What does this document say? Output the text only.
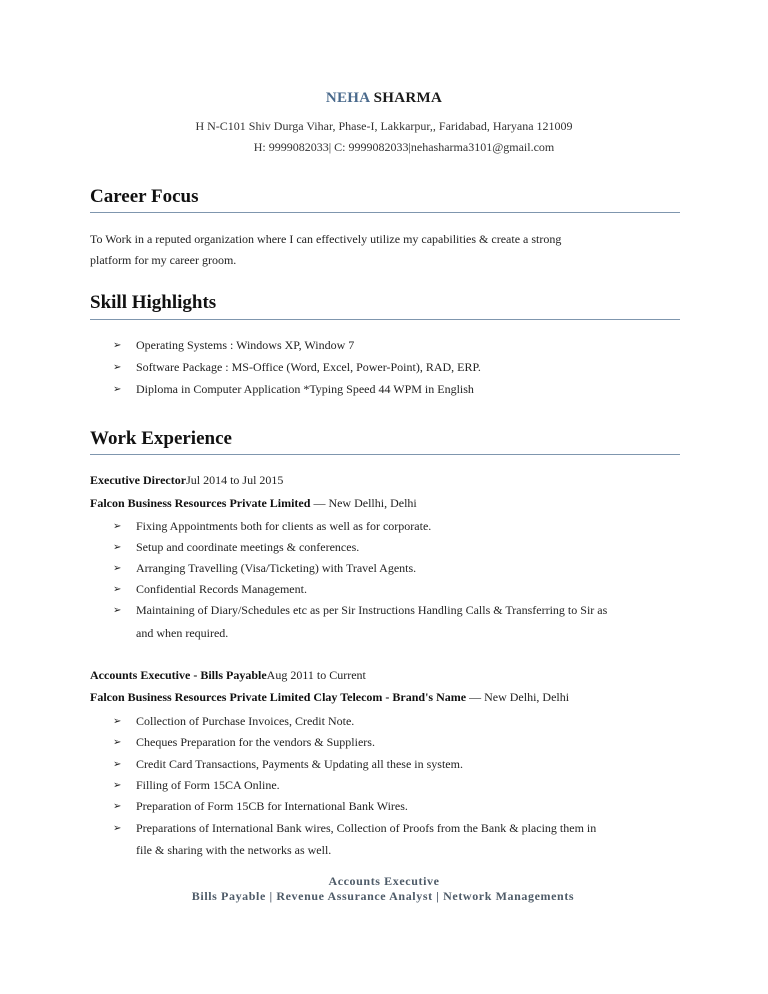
NEHA SHARMA
H N-C101 Shiv Durga Vihar, Phase-I, Lakkarpur,, Faridabad, Haryana 121009
H: 9999082033| C: 9999082033|nehasharma3101@gmail.com
Career Focus
To Work in a reputed organization where I can effectively utilize my capabilities & create a strong
platform for my career groom.
Skill Highlights
➢ Operating Systems : Windows XP, Window 7
➢ Software Package : MS-Office (Word, Excel, Power-Point), RAD, ERP.
➢ Diploma in Computer Application *Typing Speed 44 WPM in English
Work Experience
Executive DirectorJul 2014 to Jul 2015
Falcon Business Resources Private Limited — New Dellhi, Delhi
➢ Fixing Appointments both for clients as well as for corporate.
➢ Setup and coordinate meetings & conferences.
➢ Arranging Travelling (Visa/Ticketing) with Travel Agents.
➢ Confidential Records Management.
➢ Maintaining of Diary/Schedules etc as per Sir Instructions Handling Calls & Transferring to Sir as
and when required.
Accounts Executive - Bills PayableAug 2011 to Current
Falcon Business Resources Private Limited Clay Telecom - Brand's Name — New Delhi, Delhi
➢ Collection of Purchase Invoices, Credit Note.
➢ Cheques Preparation for the vendors & Suppliers.
➢ Credit Card Transactions, Payments & Updating all these in system.
➢ Filling of Form 15CA Online.
➢ Preparation of Form 15CB for International Bank Wires.
➢ Preparations of International Bank wires, Collection of Proofs from the Bank & placing them in
file & sharing with the networks as well.
Accounts Executive
Bills Payable | Revenue Assurance Analyst | Network Managements
